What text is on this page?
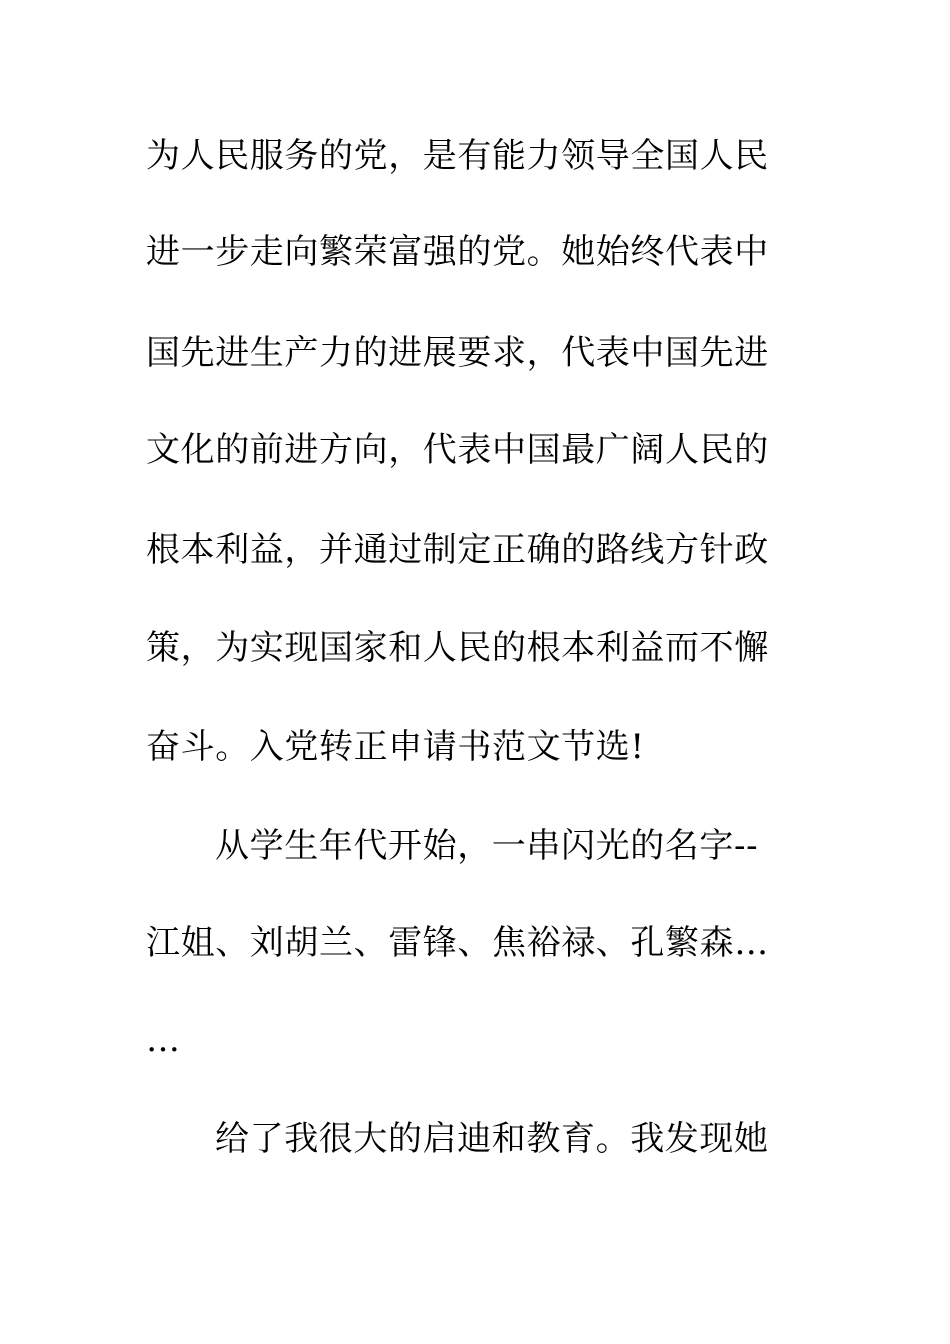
为人民服务的党，是有能力领导全国人民
进一步走向繁荣富强的党。她始终代表中
国先进生产力的进展要求，代表中国先进
文化的前进方向，代表中国最广阔人民的
根本利益，并通过制定正确的路线方针政
策，为实现国家和人民的根本利益而不懈
奋斗。入党转正申请书范文节选!
从学生年代开始，一串闪光的名字--
江姐、刘胡兰、雷锋、焦裕禄、孔繁森…
…
给了我很大的启迪和教育。我发现她
